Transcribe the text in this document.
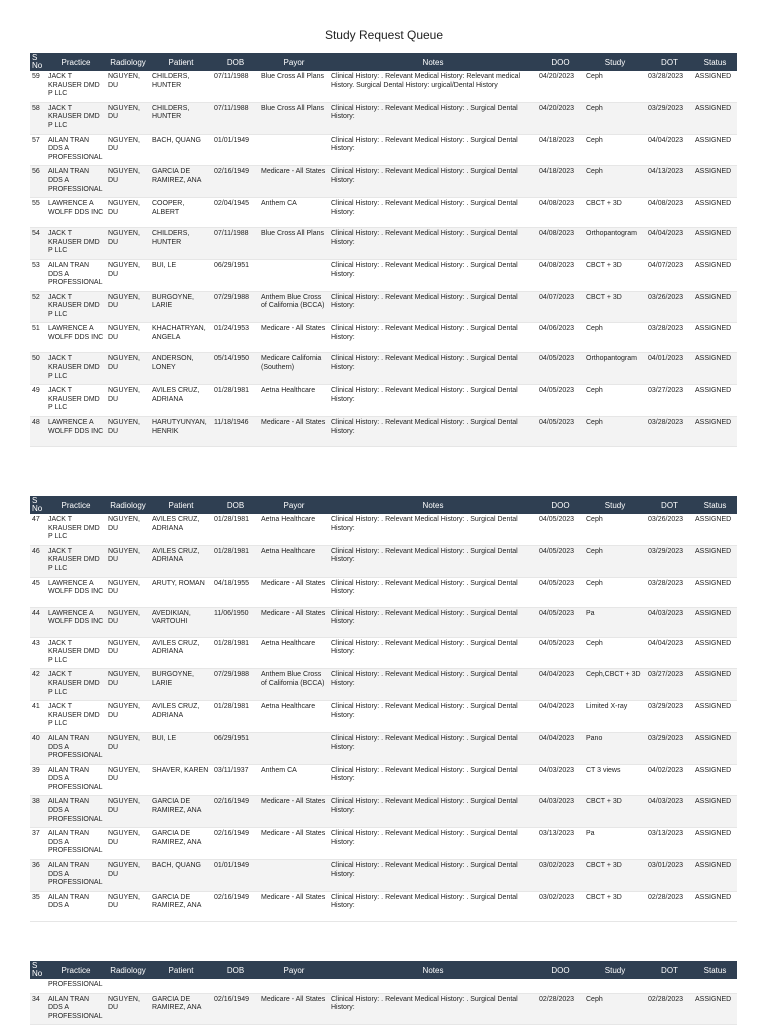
Study Request Queue
S No	Practice	Radiology	Patient	DOB	Payor	Notes	DOO	Study	DOT	Status
59	JACK T KRAUSER DMD P LLC	NGUYEN, DU	CHILDERS, HUNTER	07/11/1988	Blue Cross All Plans	Clinical History: . Relevant Medical History: Relevant medical History. Surgical Dental History: urgical/Dental History	04/20/2023	Ceph	03/28/2023	ASSIGNED
58	JACK T KRAUSER DMD P LLC	NGUYEN, DU	CHILDERS, HUNTER	07/11/1988	Blue Cross All Plans	Clinical History: . Relevant Medical History: . Surgical Dental History:	04/20/2023	Ceph	03/29/2023	ASSIGNED
57	AILAN TRAN DDS A PROFESSIONAL	NGUYEN, DU	BACH, QUANG	01/01/1949		Clinical History: . Relevant Medical History: . Surgical Dental History:	04/18/2023	Ceph	04/04/2023	ASSIGNED
56	AILAN TRAN DDS A PROFESSIONAL	NGUYEN, DU	GARCIA DE RAMIREZ, ANA	02/16/1949	Medicare - All States	Clinical History: . Relevant Medical History: . Surgical Dental History:	04/18/2023	Ceph	04/13/2023	ASSIGNED
55	LAWRENCE A WOLFF DDS INC	NGUYEN, DU	COOPER, ALBERT	02/04/1945	Anthem CA	Clinical History: . Relevant Medical History: . Surgical Dental History:	04/08/2023	CBCT + 3D	04/08/2023	ASSIGNED
54	JACK T KRAUSER DMD P LLC	NGUYEN, DU	CHILDERS, HUNTER	07/11/1988	Blue Cross All Plans	Clinical History: . Relevant Medical History: . Surgical Dental History:	04/08/2023	Orthopantogram	04/04/2023	ASSIGNED
53	AILAN TRAN DDS A PROFESSIONAL	NGUYEN, DU	BUI, LE	06/29/1951		Clinical History: . Relevant Medical History: . Surgical Dental History:	04/08/2023	CBCT + 3D	04/07/2023	ASSIGNED
52	JACK T KRAUSER DMD P LLC	NGUYEN, DU	BURGOYNE, LARIE	07/29/1988	Anthem Blue Cross of California (BCCA)	Clinical History: . Relevant Medical History: . Surgical Dental History:	04/07/2023	CBCT + 3D	03/26/2023	ASSIGNED
51	LAWRENCE A WOLFF DDS INC	NGUYEN, DU	KHACHATRYAN, ANGELA	01/24/1953	Medicare - All States	Clinical History: . Relevant Medical History: . Surgical Dental History:	04/06/2023	Ceph	03/28/2023	ASSIGNED
50	JACK T KRAUSER DMD P LLC	NGUYEN, DU	ANDERSON, LONEY	05/14/1950	Medicare California (Southern)	Clinical History: . Relevant Medical History: . Surgical Dental History:	04/05/2023	Orthopantogram	04/01/2023	ASSIGNED
49	JACK T KRAUSER DMD P LLC	NGUYEN, DU	AVILES CRUZ, ADRIANA	01/28/1981	Aetna Healthcare	Clinical History: . Relevant Medical History: . Surgical Dental History:	04/05/2023	Ceph	03/27/2023	ASSIGNED
48	LAWRENCE A WOLFF DDS INC	NGUYEN, DU	HARUTYUNYAN, HENRIK	11/18/1946	Medicare - All States	Clinical History: . Relevant Medical History: . Surgical Dental History:	04/05/2023	Ceph	03/28/2023	ASSIGNED
S No	Practice	Radiology	Patient	DOB	Payor	Notes	DOO	Study	DOT	Status
47	JACK T KRAUSER DMD P LLC	NGUYEN, DU	AVILES CRUZ, ADRIANA	01/28/1981	Aetna Healthcare	Clinical History: . Relevant Medical History: . Surgical Dental History:	04/05/2023	Ceph	03/26/2023	ASSIGNED
46	JACK T KRAUSER DMD P LLC	NGUYEN, DU	AVILES CRUZ, ADRIANA	01/28/1981	Aetna Healthcare	Clinical History: . Relevant Medical History: . Surgical Dental History:	04/05/2023	Ceph	03/29/2023	ASSIGNED
45	LAWRENCE A WOLFF DDS INC	NGUYEN, DU	ARUTY, ROMAN	04/18/1955	Medicare - All States	Clinical History: . Relevant Medical History: . Surgical Dental History:	04/05/2023	Ceph	03/28/2023	ASSIGNED
44	LAWRENCE A WOLFF DDS INC	NGUYEN, DU	AVEDIKIAN, VARTOUHI	11/06/1950	Medicare - All States	Clinical History: . Relevant Medical History: . Surgical Dental History:	04/05/2023	Pa	04/03/2023	ASSIGNED
43	JACK T KRAUSER DMD P LLC	NGUYEN, DU	AVILES CRUZ, ADRIANA	01/28/1981	Aetna Healthcare	Clinical History: . Relevant Medical History: . Surgical Dental History:	04/05/2023	Ceph	04/04/2023	ASSIGNED
42	JACK T KRAUSER DMD P LLC	NGUYEN, DU	BURGOYNE, LARIE	07/29/1988	Anthem Blue Cross of California (BCCA)	Clinical History: . Relevant Medical History: . Surgical Dental History:	04/04/2023	Ceph,CBCT + 3D	03/27/2023	ASSIGNED
41	JACK T KRAUSER DMD P LLC	NGUYEN, DU	AVILES CRUZ, ADRIANA	01/28/1981	Aetna Healthcare	Clinical History: . Relevant Medical History: . Surgical Dental History:	04/04/2023	Limited X-ray	03/29/2023	ASSIGNED
40	AILAN TRAN DDS A PROFESSIONAL	NGUYEN, DU	BUI, LE	06/29/1951		Clinical History: . Relevant Medical History: . Surgical Dental History:	04/04/2023	Pano	03/29/2023	ASSIGNED
39	AILAN TRAN DDS A PROFESSIONAL	NGUYEN, DU	SHAVER, KAREN	03/11/1937	Anthem CA	Clinical History: . Relevant Medical History: . Surgical Dental History:	04/03/2023	CT 3 views	04/02/2023	ASSIGNED
38	AILAN TRAN DDS A PROFESSIONAL	NGUYEN, DU	GARCIA DE RAMIREZ, ANA	02/16/1949	Medicare - All States	Clinical History: . Relevant Medical History: . Surgical Dental History:	04/03/2023	CBCT + 3D	04/03/2023	ASSIGNED
37	AILAN TRAN DDS A PROFESSIONAL	NGUYEN, DU	GARCIA DE RAMIREZ, ANA	02/16/1949	Medicare - All States	Clinical History: . Relevant Medical History: . Surgical Dental History:	03/13/2023	Pa	03/13/2023	ASSIGNED
36	AILAN TRAN DDS A PROFESSIONAL	NGUYEN, DU	BACH, QUANG	01/01/1949		Clinical History: . Relevant Medical History: . Surgical Dental History:	03/02/2023	CBCT + 3D	03/01/2023	ASSIGNED
35	AILAN TRAN DDS A	NGUYEN, DU	GARCIA DE RAMIREZ, ANA	02/16/1949	Medicare - All States	Clinical History: . Relevant Medical History: . Surgical Dental History:	03/02/2023	CBCT + 3D	02/28/2023	ASSIGNED
S No	Practice	Radiology	Patient	DOB	Payor	Notes	DOO	Study	DOT	Status
	PROFESSIONAL									
34	AILAN TRAN DDS A PROFESSIONAL	NGUYEN, DU	GARCIA DE RAMIREZ, ANA	02/16/1949	Medicare - All States	Clinical History: . Relevant Medical History: . Surgical Dental History:	02/28/2023	Ceph	02/28/2023	ASSIGNED
